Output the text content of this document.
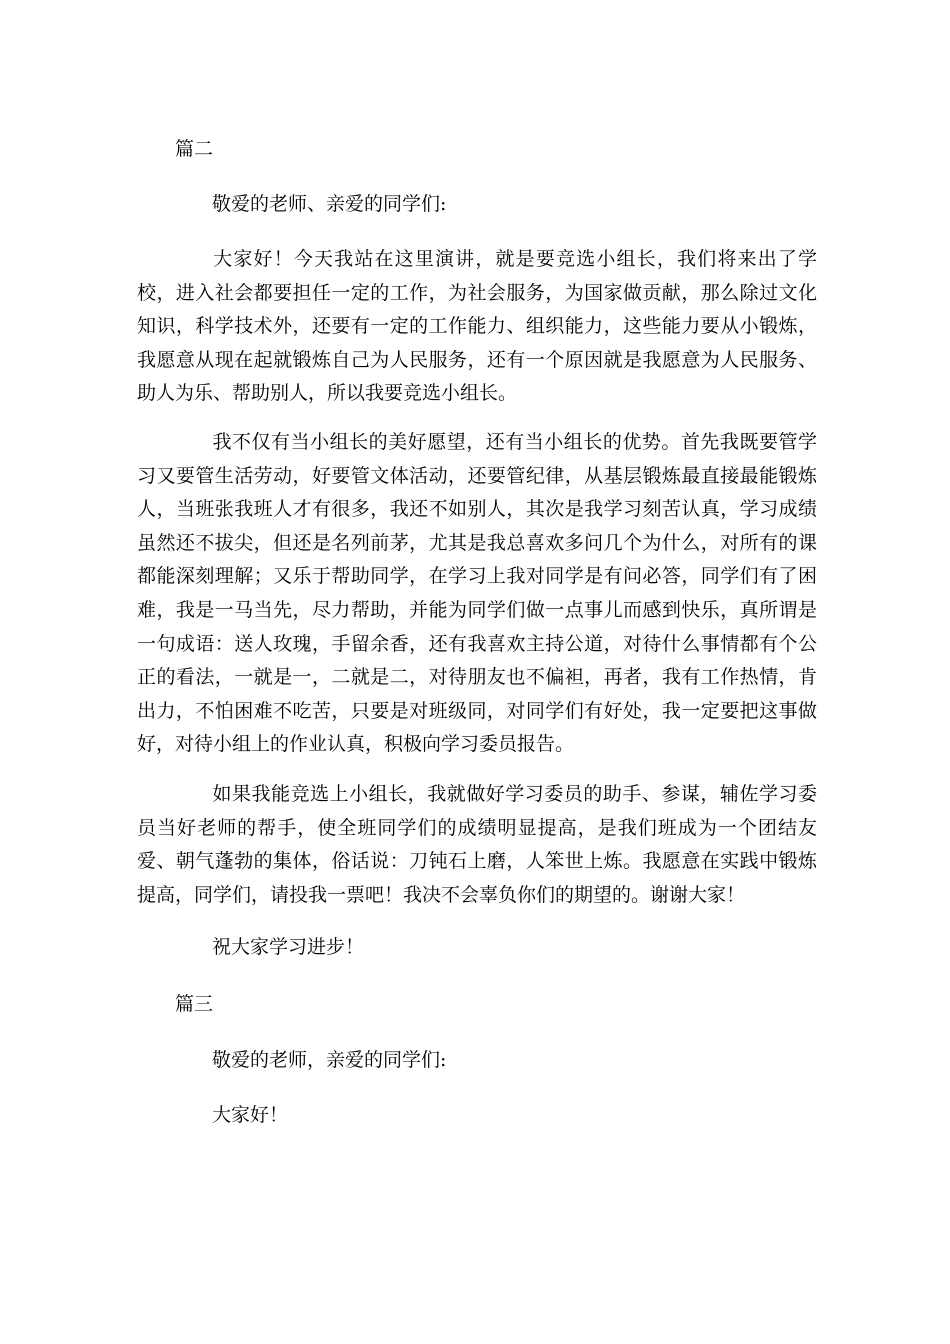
篇二

敬爱的老师、亲爱的同学们:

大家好！今天我站在这里演讲，就是要竞选小组长，我们将来出了学校，进入社会都要担任一定的工作，为社会服务，为国家做贡献，那么除过文化知识，科学技术外，还要有一定的工作能力、组织能力，这些能力要从小锻炼，我愿意从现在起就锻炼自己为人民服务，还有一个原因就是我愿意为人民服务、助人为乐、帮助别人，所以我要竞选小组长。

我不仅有当小组长的美好愿望，还有当小组长的优势。首先我既要管学习又要管生活劳动，好要管文体活动，还要管纪律，从基层锻炼最直接最能锻炼人，当班张我班人才有很多，我还不如别人，其次是我学习刻苦认真，学习成绩虽然还不拔尖，但还是名列前茅，尤其是我总喜欢多问几个为什么，对所有的课都能深刻理解；又乐于帮助同学，在学习上我对同学是有问必答，同学们有了困难，我是一马当先，尽力帮助，并能为同学们做一点事儿而感到快乐，真所谓是一句成语：送人玫瑰，手留余香，还有我喜欢主持公道，对待什么事情都有个公正的看法，一就是一，二就是二，对待朋友也不偏袒，再者，我有工作热情，肯出力，不怕困难不吃苦，只要是对班级同，对同学们有好处，我一定要把这事做好，对待小组上的作业认真，积极向学习委员报告。

如果我能竞选上小组长，我就做好学习委员的助手、参谋，辅佐学习委员当好老师的帮手，使全班同学们的成绩明显提高，是我们班成为一个团结友爱、朝气蓬勃的集体，俗话说：刀钝石上磨，人笨世上炼。我愿意在实践中锻炼提高，同学们，请投我一票吧！我决不会辜负你们的期望的。谢谢大家！

祝大家学习进步！

篇三

敬爱的老师，亲爱的同学们:

大家好！
